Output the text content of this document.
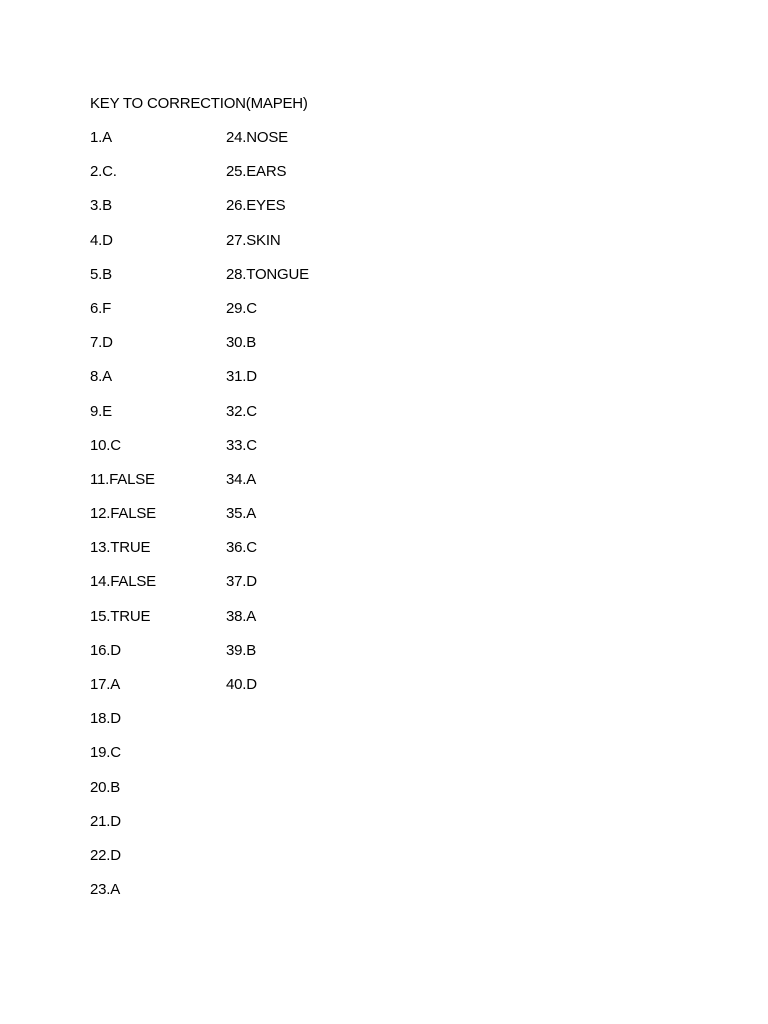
KEY TO CORRECTION(MAPEH)
1.A
2.C.
3.B
4.D
5.B
6.F
7.D
8.A
9.E
10.C
11.FALSE
12.FALSE
13.TRUE
14.FALSE
15.TRUE
16.D
17.A
18.D
19.C
20.B
21.D
22.D
23.A
24.NOSE
25.EARS
26.EYES
27.SKIN
28.TONGUE
29.C
30.B
31.D
32.C
33.C
34.A
35.A
36.C
37.D
38.A
39.B
40.D
